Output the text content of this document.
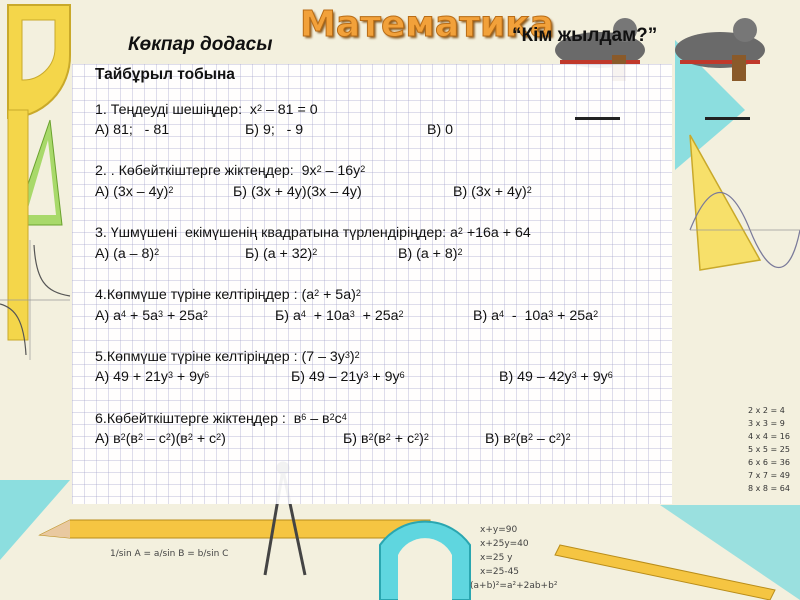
2 x 2 = 4
3 x 3 = 9
4 x 4 = 16
5 x 5 = 25
6 x 6 = 36
7 x 7 = 49
8 x 8 = 64
1/sin A = a/sin B = b/sin C
x+y=90
x+25y=40
x=25 y
x=25-45
(a+b)²=a²+2ab+b²
Математика
Көкпар додасы	“Кім жылдам?”
Тайбұрыл тобына
1. Теңдеуді шешіңдер:  $x^2 - 81 = 0$
А) 81;   - 81	Б) 9;   - 9	В) 0
2. . Көбейткіштерге жіктеңдер:  $9x^2 - 16y^2$
А) (3x – 4y)$^2$	Б) (3x + 4y)(3x – 4y)	В) $(3x + 4y)^2$
3. Үшмүшені  екімүшенің квадратына түрлендіріңдер: $a^2 +16a + 64$
А) (a – 8)$^2$	Б) $(a + 32)^2$	В) $(a + 8)^2$
4.Көпмүше түріне келтіріңдер : $(a^2 + 5a)^2$
А) $a^4 + 5a^3 + 25a^2$	Б) $a^4 + 10a^3 + 25a^2$	В) $a^4 - 10a^3 + 25a^2$
5.Көпмүше түріне келтіріңдер : $(7 - 3y^3)^2$
А) $49 + 21y^3 + 9y^6$	Б) $49 - 21y^3 + 9y^6$	В) $49 - 42y^3 + 9y^6$
6.Көбейткіштерге жіктеңдер :  $в^6 - в^2c^4$
А) $в^2(в^2 - c^2)(в^2 + c^2)$	Б) $в^2(в^2 + c^2)^2$	В) $в^2(в^2 - c^2)^2$
